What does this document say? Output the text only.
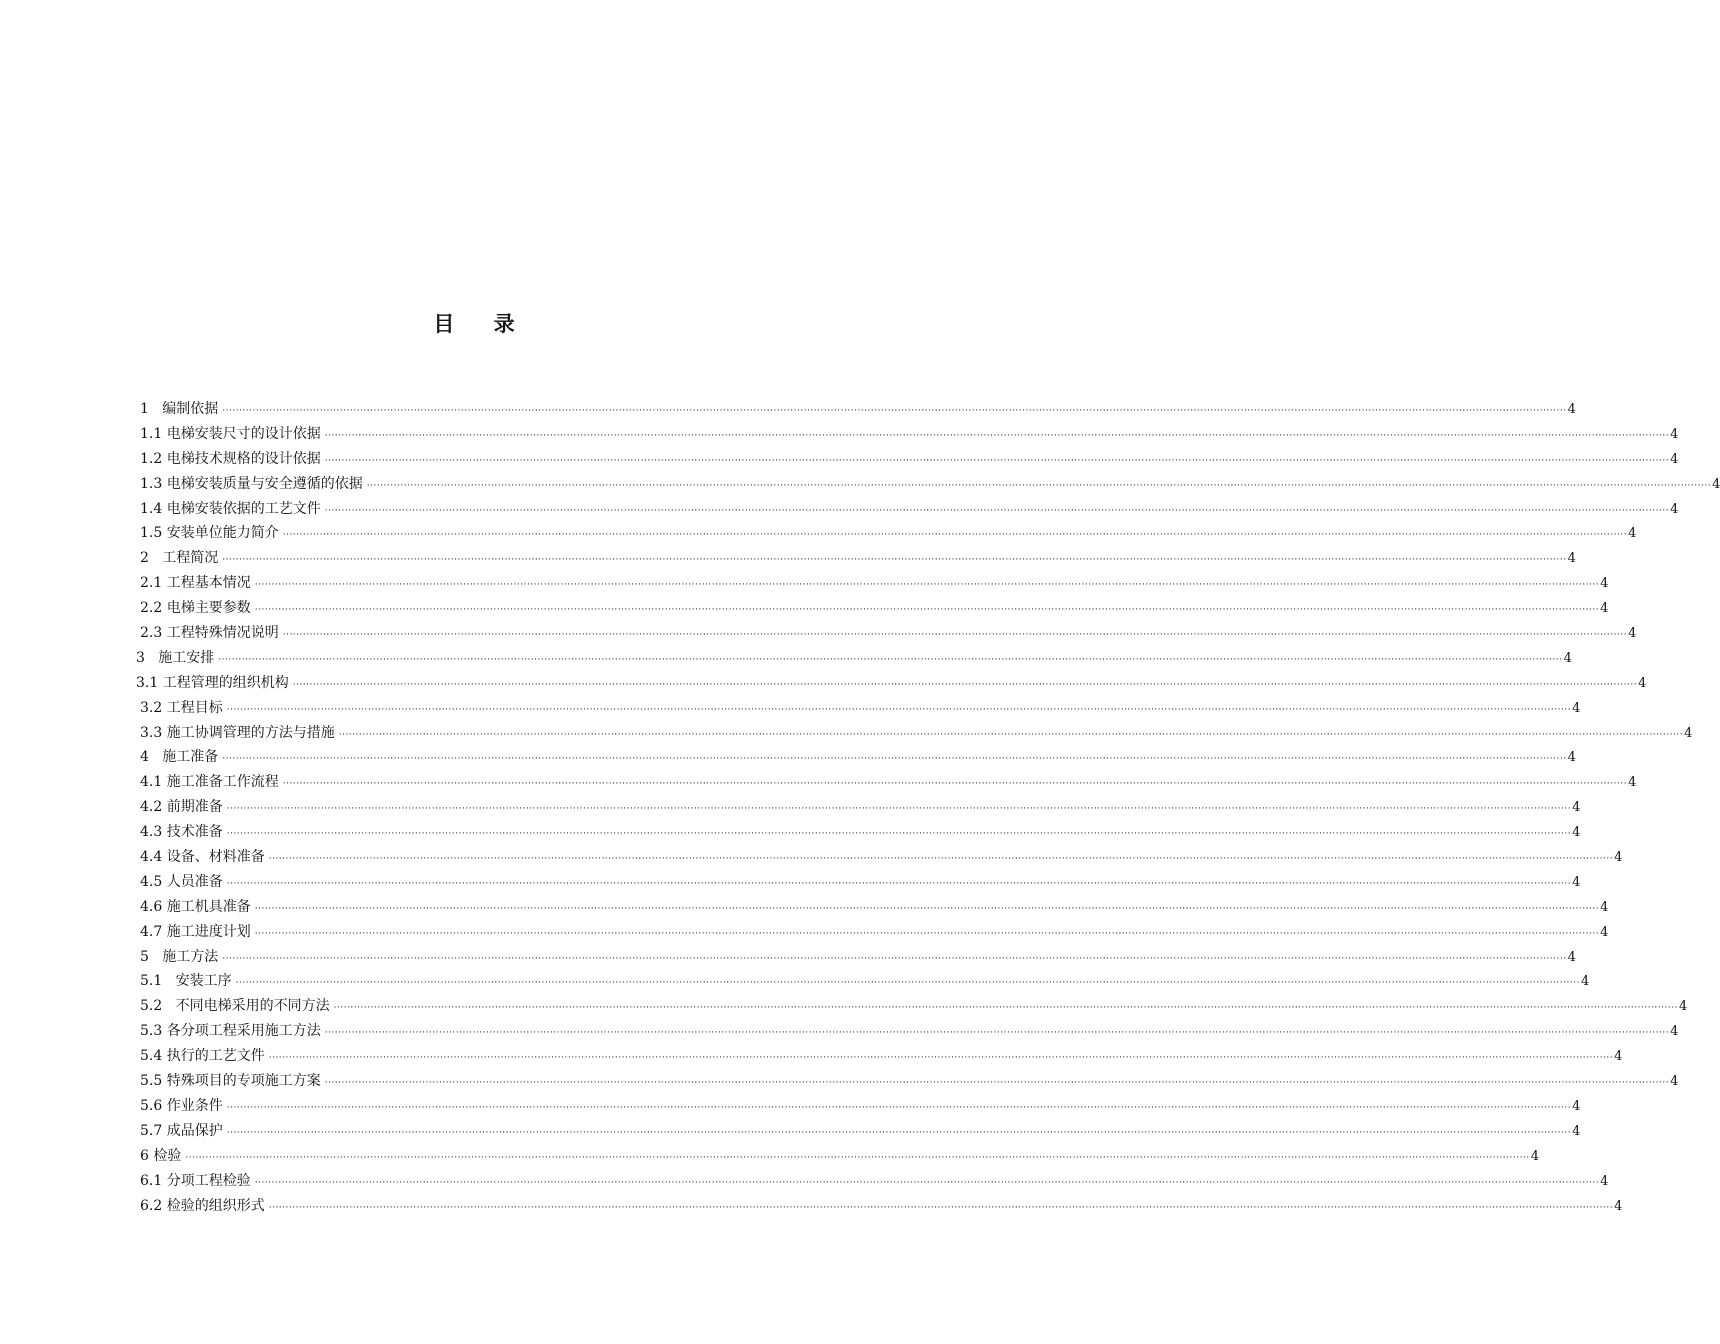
目    录
1   编制依据 ················································································································································································································································································································································································································ 4
1.1 电梯安装尺寸的设计依据 ················································································································································································································································································································································································································ 4
1.2 电梯技术规格的设计依据 ················································································································································································································································································································································································································ 4
1.3 电梯安装质量与安全遵循的依据 ················································································································································································································································································································································································································ 4
1.4 电梯安装依据的工艺文件 ················································································································································································································································································································································································································ 4
1.5 安装单位能力简介 ················································································································································································································································································································································································································ 4
2   工程简况 ················································································································································································································································································································································································································ 4
2.1 工程基本情况 ················································································································································································································································································································································································································ 4
2.2 电梯主要参数 ················································································································································································································································································································································································································ 4
2.3 工程特殊情况说明 ················································································································································································································································································································································································································ 4
3   施工安排 ················································································································································································································································································································································································································ 4
3.1 工程管理的组织机构 ················································································································································································································································································································································································································ 4
3.2 工程目标 ················································································································································································································································································································································································································ 4
3.3 施工协调管理的方法与措施 ················································································································································································································································································································································································································ 4
4   施工准备 ················································································································································································································································································································································································································ 4
4.1 施工准备工作流程 ················································································································································································································································································································································································································ 4
4.2 前期准备 ················································································································································································································································································································································································································ 4
4.3 技术准备 ················································································································································································································································································································································································································ 4
4.4 设备、材料准备 ················································································································································································································································································································································································································ 4
4.5 人员准备 ················································································································································································································································································································································································································ 4
4.6 施工机具准备 ················································································································································································································································································································································································································ 4
4.7 施工进度计划 ················································································································································································································································································································································································································ 4
5   施工方法 ················································································································································································································································································································································································································ 4
5.1   安装工序 ················································································································································································································································································································································································································ 4
5.2   不同电梯采用的不同方法 ················································································································································································································································································································································································································ 4
5.3 各分项工程采用施工方法 ················································································································································································································································································································································································································ 4
5.4 执行的工艺文件 ················································································································································································································································································································································································································ 4
5.5 特殊项目的专项施工方案 ················································································································································································································································································································································································································ 4
5.6 作业条件 ················································································································································································································································································································································································································ 4
5.7 成品保护 ················································································································································································································································································································································································································ 4
6 检验 ················································································································································································································································································································································································································ 4
6.1 分项工程检验 ················································································································································································································································································································································································································ 4
6.2 检验的组织形式 ················································································································································································································································································································································································································ 4
